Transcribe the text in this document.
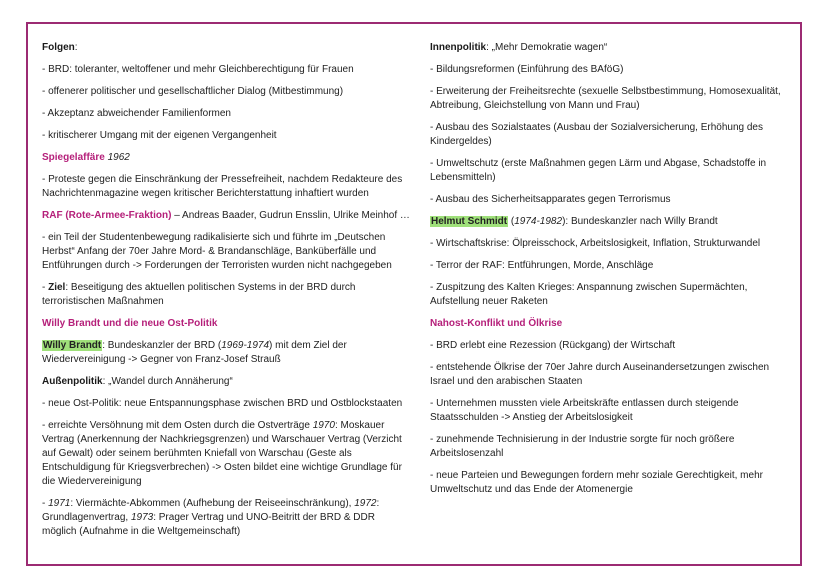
Folgen:

- BRD: toleranter, weltoffener und mehr Gleichberechtigung für Frauen

- offenerer politischer und gesellschaftlicher Dialog (Mitbestimmung)

- Akzeptanz abweichender Familienformen

- kritischerer Umgang mit der eigenen Vergangenheit

Spiegelaffäre 1962

- Proteste gegen die Einschränkung der Pressefreiheit, nachdem Redakteure des Nachrichtenmagazine wegen kritischer Berichterstattung inhaftiert wurden

RAF (Rote-Armee-Fraktion) – Andreas Baader, Gudrun Ensslin, Ulrike Meinhof …

- ein Teil der Studentenbewegung radikalisierte sich und führte im „Deutschen Herbst“ Anfang der 70er Jahre Mord- & Brandanschläge, Banküberfälle und Entführungen durch -> Forderungen der Terroristen wurden nicht nachgegeben

- Ziel: Beseitigung des aktuellen politischen Systems in der BRD durch terroristischen Maßnahmen

Willy Brandt und die neue Ost-Politik

Willy Brandt: Bundeskanzler der BRD (1969-1974) mit dem Ziel der Wiedervereinigung -> Gegner von Franz-Josef Strauß

Außenpolitik: „Wandel durch Annäherung“

- neue Ost-Politik: neue Entspannungsphase zwischen BRD und Ostblockstaaten

- erreichte Versöhnung mit dem Osten durch die Ostverträge 1970: Moskauer Vertrag (Anerkennung der Nachkriegsgrenzen) und Warschauer Vertrag (Verzicht auf Gewalt) oder seinem berühmten Kniefall von Warschau (Geste als Entschuldigung für Kriegsverbrechen) -> Osten bildet eine wichtige Grundlage für die Wiedervereinigung

- 1971: Viermächte-Abkommen (Aufhebung der Reiseeinschränkung), 1972: Grundlagenvertrag, 1973: Prager Vertrag und UNO-Beitritt der BRD & DDR möglich (Aufnahme in die Weltgemeinschaft)

Innenpolitik: „Mehr Demokratie wagen“

- Bildungsreformen (Einführung des BAföG)

- Erweiterung der Freiheitsrechte (sexuelle Selbstbestimmung, Homosexualität, Abtreibung, Gleichstellung von Mann und Frau)

- Ausbau des Sozialstaates (Ausbau der Sozialversicherung, Erhöhung des Kindergeldes)

- Umweltschutz (erste Maßnahmen gegen Lärm und Abgase, Schadstoffe in Lebensmitteln)

- Ausbau des Sicherheitsapparates gegen Terrorismus

Helmut Schmidt (1974-1982): Bundeskanzler nach Willy Brandt

- Wirtschaftskrise: Ölpreisschock, Arbeitslosigkeit, Inflation, Strukturwandel

- Terror der RAF: Entführungen, Morde, Anschläge

- Zuspitzung des Kalten Krieges: Anspannung zwischen Supermächten, Aufstellung neuer Raketen

Nahost-Konflikt und Ölkrise

- BRD erlebt eine Rezession (Rückgang) der Wirtschaft

- entstehende Ölkrise der 70er Jahre durch Auseinandersetzungen zwischen Israel und den arabischen Staaten

- Unternehmen mussten viele Arbeitskräfte entlassen durch steigende Staatsschulden -> Anstieg der Arbeitslosigkeit

- zunehmende Technisierung in der Industrie sorgte für noch größere Arbeitslosenzahl

- neue Parteien und Bewegungen fordern mehr soziale Gerechtigkeit, mehr Umweltschutz und das Ende der Atomenergie
